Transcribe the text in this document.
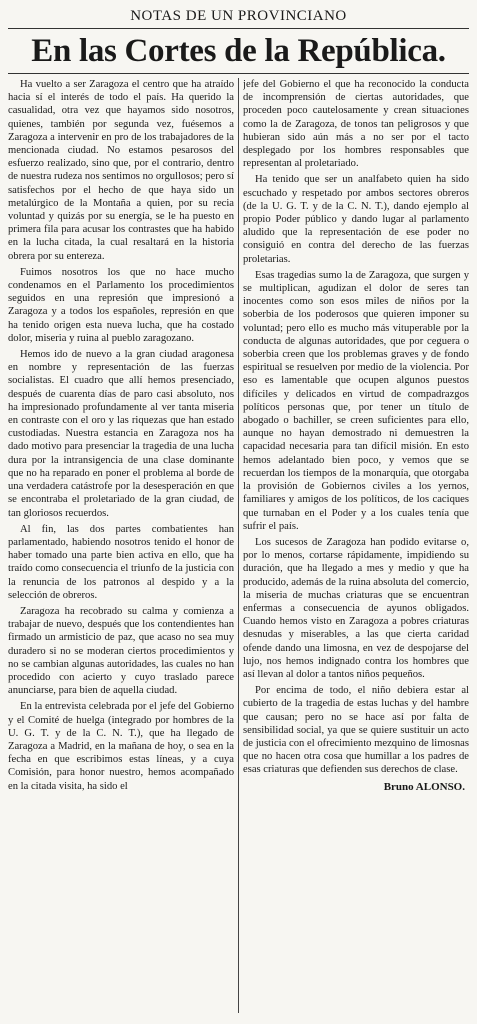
NOTAS DE UN PROVINCIANO
En las Cortes de la República.

Ha vuelto a ser Zaragoza el centro que ha atraído hacia sí el interés de todo el país. Ha querido la casualidad, otra vez que hayamos sido nosotros, quienes, también por segunda vez, fuésemos a Zaragoza a intervenir en pro de los trabajadores de la mencionada ciudad. No estamos pesarosos del esfuerzo realizado, sino que, por el contrario, dentro de nuestra rudeza nos sentimos no orgullosos; pero sí satisfechos por el hecho de que haya sido un metalúrgico de la Montaña a quien, por su recia voluntad y quizás por su energía, se le ha puesto en primera fila para acusar los contrastes que ha habido en la lucha citada, la cual resaltará en la historia obrera por su entereza.

Fuimos nosotros los que no hace mucho condenamos en el Parlamento los procedimientos seguidos en una represión que impresionó a Zaragoza y a todos los españoles, represión en que ha tenido origen esta nueva lucha, que ha costado dolor, miseria y ruina al pueblo zaragozano.

Hemos ido de nuevo a la gran ciudad aragonesa en nombre y representación de las fuerzas socialistas. El cuadro que allí hemos presenciado, después de cuarenta días de paro casi absoluto, nos ha impresionado profundamente al ver tanta miseria en contraste con el oro y las riquezas que han estado custodiadas. Nuestra estancia en Zaragoza nos ha dado motivo para presenciar la tragedia de una lucha dura por la intransigencia de una clase dominante que no ha reparado en poner el problema al borde de una verdadera catástrofe por la desesperación en que se encontraba el proletariado de la gran ciudad, de tan gloriosos recuerdos.

Al fin, las dos partes combatientes han parlamentado, habiendo nosotros tenido el honor de haber tomado una parte bien activa en ello, que ha traído como consecuencia el triunfo de la justicia con la renuncia de los patronos al despido y a la selección de obreros.

Zaragoza ha recobrado su calma y comienza a trabajar de nuevo, después que los contendientes han firmado un armisticio de paz, que acaso no sea muy duradero si no se moderan ciertos procedimientos y no se cambian algunas autoridades, las cuales no han procedido con acierto y cuyo traslado parece anunciarse, para bien de aquella ciudad.

En la entrevista celebrada por el jefe del Gobierno y el Comité de huelga (integrado por hombres de la U. G. T. y de la C. N. T.), que ha llegado de Zaragoza a Madrid, en la mañana de hoy, o sea en la fecha en que escribimos estas líneas, y a cuya Comisión, para honor nuestro, hemos acompañado en la citada visita, ha sido el

jefe del Gobierno el que ha reconocido la conducta de incomprensión de ciertas autoridades, que proceden poco cautelosamente y crean situaciones como la de Zaragoza, de tonos tan peligrosos y que hubieran sido aún más a no ser por el tacto desplegado por los hombres responsables que representan al proletariado.

Ha tenido que ser un analfabeto quien ha sido escuchado y respetado por ambos sectores obreros (de la U. G. T. y de la C. N. T.), dando ejemplo al propio Poder público y dando lugar al parlamento aludido que la representación de ese poder no consiguió en contra del derecho de las fuerzas proletarias.

Esas tragedias sumo la de Zaragoza, que surgen y se multiplican, agudizan el dolor de seres tan inocentes como son esos miles de niños por la soberbia de los poderosos que quieren imponer su voluntad; pero ello es mucho más vituperable por la conducta de algunas autoridades, que por ceguera o soberbia creen que los problemas graves y de fondo espiritual se resuelven por medio de la violencia. Por eso es lamentable que ocupen algunos puestos difíciles y delicados en virtud de compadrazgos políticos personas que, por tener un título de abogado o bachiller, se creen suficientes para ello, aunque no hayan demostrado ni demuestren la capacidad necesaria para tan difícil misión. En esto hemos adelantado bien poco, y vemos que se recuerdan los tiempos de la monarquía, que otorgaba la provisión de Gobiernos civiles a los yernos, familiares y amigos de los políticos, de los caciques que turnaban en el Poder y a los cuales tenía que sufrir el país.

Los sucesos de Zaragoza han podido evitarse o, por lo menos, cortarse rápidamente, impidiendo su duración, que ha llegado a mes y medio y que ha producido, además de la ruina absoluta del comercio, la miseria de muchas criaturas que se encuentran enfermas a consecuencia de ayunos obligados. Cuando hemos visto en Zaragoza a pobres criaturas desnudas y miserables, a las que cierta caridad ofende dando una limosna, en vez de despojarse del lujo, nos hemos indignado contra los hombres que así llevan al dolor a tantos niños pequeños.

Por encima de todo, el niño debiera estar al cubierto de la tragedia de estas luchas y del hambre que causan; pero no se hace así por falta de sensibilidad social, ya que se quiere sustituir un acto de justicia con el ofrecimiento mezquino de limosnas que no hacen otra cosa que humillar a los padres de esas criaturas que defienden sus derechos de clase.

Bruno ALONSO.
